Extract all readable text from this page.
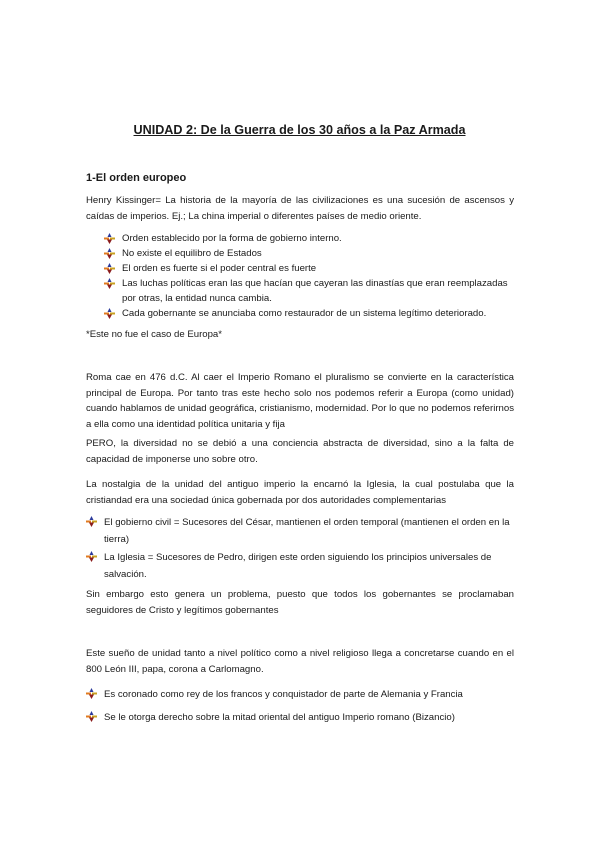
UNIDAD 2: De la Guerra de los 30 años a la Paz Armada
1-El orden europeo
Henry Kissinger= La historia de la mayoría de las civilizaciones es una sucesión de ascensos y caídas de imperios. Ej.; La china imperial o diferentes países de medio oriente.
Orden establecido por la forma de gobierno interno.
No existe el equilibro de Estados
El orden es fuerte si el poder central es fuerte
Las luchas políticas eran las que hacían que cayeran las dinastías que eran reemplazadas por otras, la entidad nunca cambia.
Cada gobernante se anunciaba como restaurador de un sistema legítimo deteriorado.
*Este no fue el caso de Europa*
Roma cae en 476 d.C. Al caer el Imperio Romano el pluralismo se convierte en la característica principal de Europa. Por tanto tras este hecho solo nos podemos referir a Europa (como unidad) cuando hablamos de unidad geográfica, cristianismo, modernidad. Por lo que no podemos referirnos a ella como una identidad política unitaria y fija
PERO, la diversidad no se debió a una conciencia abstracta de diversidad, sino a la falta de capacidad de imponerse uno sobre otro.
La nostalgia de la unidad del antiguo imperio la encarnó la Iglesia, la cual postulaba que la cristiandad era una sociedad única gobernada por dos autoridades complementarias
El gobierno civil = Sucesores del César, mantienen el orden temporal (mantienen el orden en la tierra)
La Iglesia = Sucesores de Pedro, dirigen este orden siguiendo los principios universales de salvación.
Sin embargo esto genera un problema, puesto que todos los gobernantes se proclamaban seguidores de Cristo y legítimos gobernantes
Este sueño de unidad tanto a nivel político como a nivel religioso llega a concretarse cuando en el 800 León III, papa, corona a Carlomagno.
Es coronado como rey de los francos y conquistador de parte de Alemania y Francia
Se le otorga derecho sobre la mitad oriental del antiguo Imperio romano (Bizancio)
